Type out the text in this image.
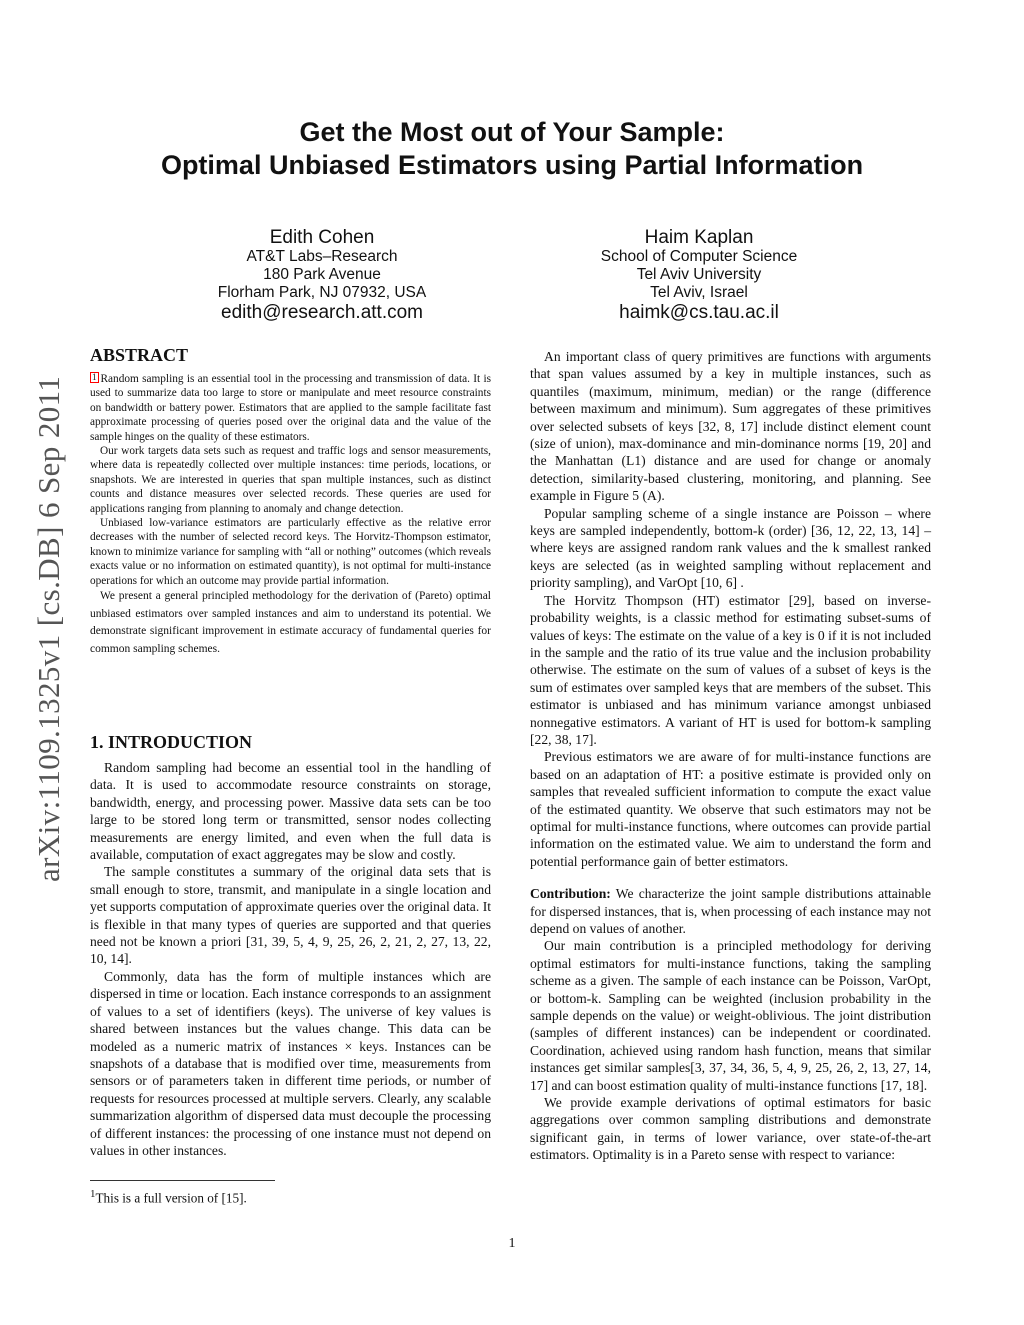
Get the Most out of Your Sample:
Optimal Unbiased Estimators using Partial Information
Edith Cohen
AT&T Labs–Research
180 Park Avenue
Florham Park, NJ 07932, USA
edith@research.att.com
Haim Kaplan
School of Computer Science
Tel Aviv University
Tel Aviv, Israel
haimk@cs.tau.ac.il
arXiv:1109.1325v1 [cs.DB] 6 Sep 2011
ABSTRACT

1 Random sampling is an essential tool in the processing and transmission of data. It is used to summarize data too large to store or manipulate and meet resource constraints on bandwidth or battery power. Estimators that are applied to the sample facilitate fast approximate processing of queries posed over the original data and the value of the sample hinges on the quality of these estimators.

Our work targets data sets such as request and traffic logs and sensor measurements, where data is repeatedly collected over multiple instances: time periods, locations, or snapshots. We are interested in queries that span multiple instances, such as distinct counts and distance measures over selected records. These queries are used for applications ranging from planning to anomaly and change detection.

Unbiased low-variance estimators are particularly effective as the relative error decreases with the number of selected record keys. The Horvitz-Thompson estimator, known to minimize variance for sampling with “all or nothing” outcomes (which reveals exacts value or no information on estimated quantity), is not optimal for multi-instance operations for which an outcome may provide partial information.

We present a general principled methodology for the derivation of (Pareto) optimal unbiased estimators over sampled instances and aim to understand its potential. We demonstrate significant improvement in estimate accuracy of fundamental queries for common sampling schemes.

1. INTRODUCTION

Random sampling had become an essential tool in the handling of data. It is used to accommodate resource constraints on storage, bandwidth, energy, and processing power. Massive data sets can be too large to be stored long term or transmitted, sensor nodes collecting measurements are energy limited, and even when the full data is available, computation of exact aggregates may be slow and costly.

The sample constitutes a summary of the original data sets that is small enough to store, transmit, and manipulate in a single location and yet supports computation of approximate queries over the original data. It is flexible in that many types of queries are supported and that queries need not be known a priori [31, 39, 5, 4, 9, 25, 26, 2, 21, 2, 27, 13, 22, 10, 14].

Commonly, data has the form of multiple instances which are dispersed in time or location. Each instance corresponds to an assignment of values to a set of identifiers (keys). The universe of key values is shared between instances but the values change. This data can be modeled as a numeric matrix of instances × keys. Instances can be snapshots of a database that is modified over time, measurements from sensors or of parameters taken in different time periods, or number of requests for resources processed at multiple servers. Clearly, any scalable summarization algorithm of dispersed data must decouple the processing of different instances: the processing of one instance must not depend on values in other instances.

$^1$This is a full version of [15].

An important class of query primitives are functions with arguments that span values assumed by a key in multiple instances, such as quantiles (maximum, minimum, median) or the range (difference between maximum and minimum). Sum aggregates of these primitives over selected subsets of keys [32, 8, 17] include distinct element count (size of union), max-dominance and min-dominance norms [19, 20] and the Manhattan (L1) distance and are used for change or anomaly detection, similarity-based clustering, monitoring, and planning. See example in Figure 5 (A).

Popular sampling scheme of a single instance are Poisson – where keys are sampled independently, bottom-k (order) [36, 12, 22, 13, 14] – where keys are assigned random rank values and the k smallest ranked keys are selected (as in weighted sampling without replacement and priority sampling), and VarOpt [10, 6] .

The Horvitz Thompson (HT) estimator [29], based on inverse-probability weights, is a classic method for estimating subset-sums of values of keys: The estimate on the value of a key is 0 if it is not included in the sample and the ratio of its true value and the inclusion probability otherwise. The estimate on the sum of values of a subset of keys is the sum of estimates over sampled keys that are members of the subset. This estimator is unbiased and has minimum variance amongst unbiased nonnegative estimators. A variant of HT is used for bottom-k sampling [22, 38, 17].

Previous estimators we are aware of for multi-instance functions are based on an adaptation of HT: a positive estimate is provided only on samples that revealed sufficient information to compute the exact value of the estimated quantity. We observe that such estimators may not be optimal for multi-instance functions, where outcomes can provide partial information on the estimated value. We aim to understand the form and potential performance gain of better estimators.

Contribution: We characterize the joint sample distributions attainable for dispersed instances, that is, when processing of each instance may not depend on values of another.

Our main contribution is a principled methodology for deriving optimal estimators for multi-instance functions, taking the sampling scheme as a given. The sample of each instance can be Poisson, VarOpt, or bottom-k. Sampling can be weighted (inclusion probability in the sample depends on the value) or weight-oblivious. The joint distribution (samples of different instances) can be independent or coordinated. Coordination, achieved using random hash function, means that similar instances get similar samples[3, 37, 34, 36, 5, 4, 9, 25, 26, 2, 13, 27, 14, 17] and can boost estimation quality of multi-instance functions [17, 18].

We provide example derivations of optimal estimators for basic aggregations over common sampling distributions and demonstrate significant gain, in terms of lower variance, over state-of-the-art estimators. Optimality is in a Pareto sense with respect to variance:

1
